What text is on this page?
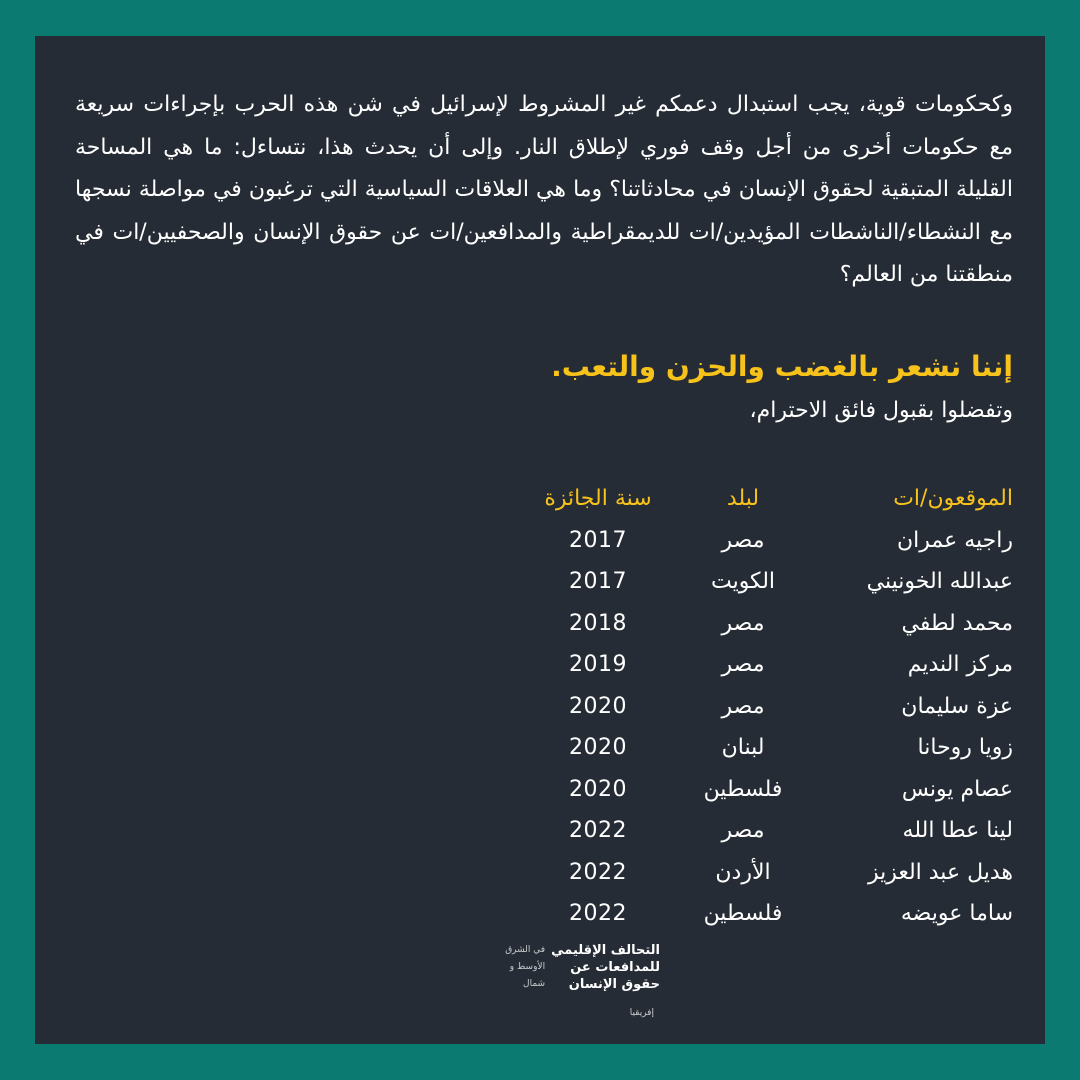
وكحكومات قوية، يجب استبدال دعمكم غير المشروط لإسرائيل في شن هذه الحرب بإجراءات سريعة مع حكومات أخرى من أجل وقف فوري لإطلاق النار. وإلى أن يحدث هذا، نتساءل: ما هي المساحة القليلة المتبقية لحقوق الإنسان في محادثاتنا؟ وما هي العلاقات السياسية التي ترغبون في مواصلة نسجها مع النشطاء/الناشطات المؤيدين/ات للديمقراطية والمدافعين/ات عن حقوق الإنسان والصحفيين/ات في منطقتنا من العالم؟

إننا نشعر بالغضب والحزن والتعب.

وتفضلوا بقبول فائق الاحترام،

الموقعون/ات	لبلد	سنة الجائزة
راجيه عمران	مصر	2017
عبدالله الخونيني	الكويت	2017
محمد لطفي	مصر	2018
مركز النديم	مصر	2019
عزة سليمان	مصر	2020
زويا روحانا	لبنان	2020
عصام يونس	فلسطين	2020
لينا عطا الله	مصر	2022
هديل عبد العزيز	الأردن	2022
ساما عويضه	فلسطين	2022
التحالف الإقليمي
للمدافعات عن
حقوق الإنسان
في الشرق
الأوسط و
شمال
إفريقيا
